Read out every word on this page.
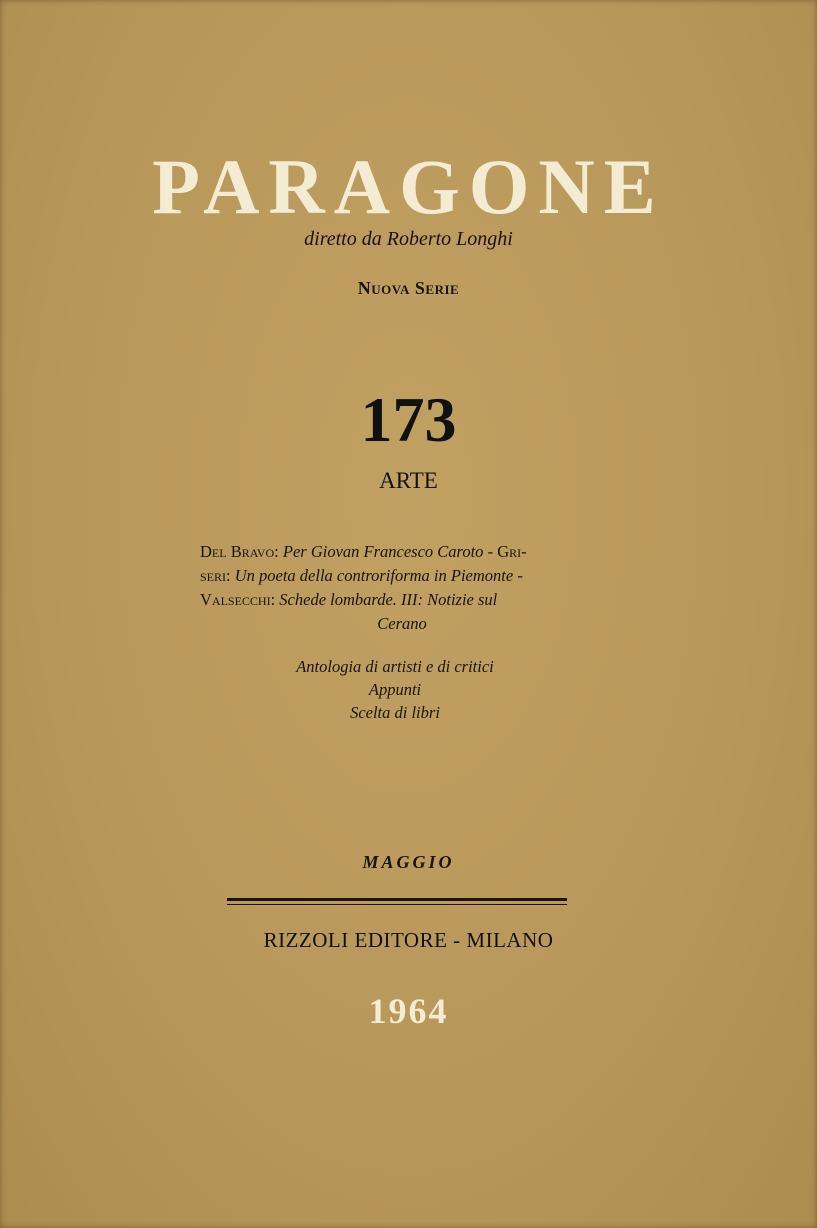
PARAGONE
diretto da Roberto Longhi
Nuova Serie
173
ARTE
Del Bravo: Per Giovan Francesco Caroto - Gri-
seri: Un poeta della controriforma in Piemonte -
Valsecchi: Schede lombarde. III: Notizie sul
Cerano
Antologia di artisti e di critici
Appunti
Scelta di libri
MAGGIO
RIZZOLI EDITORE - MILANO
1964
